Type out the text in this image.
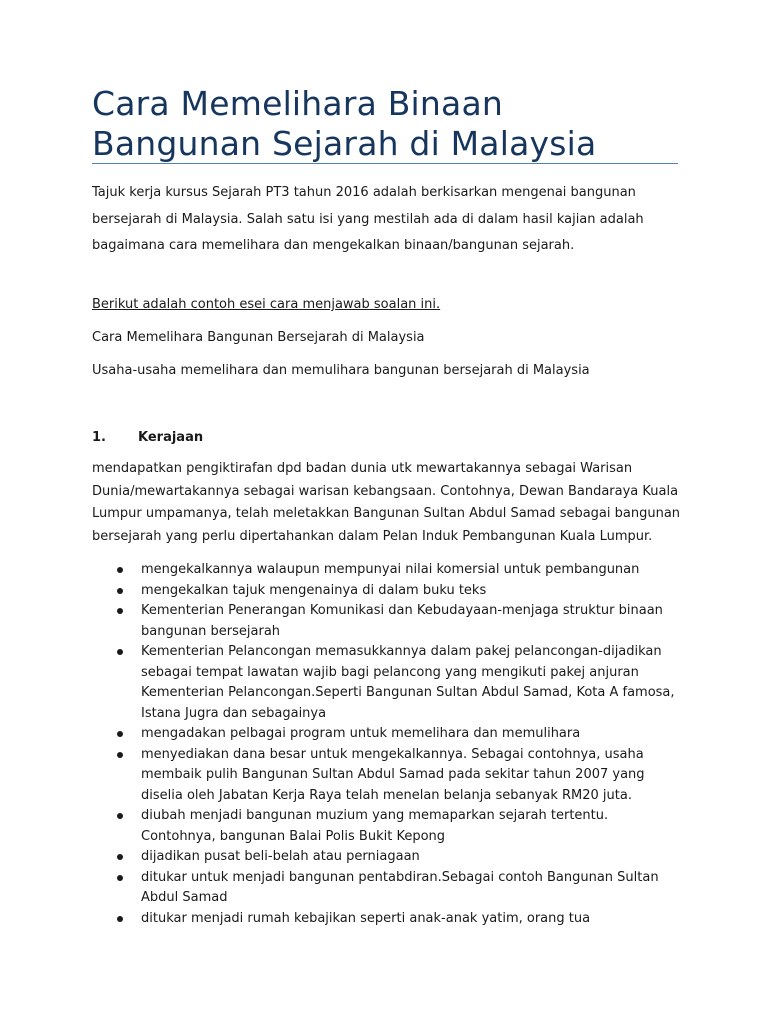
Cara Memelihara Binaan
Bangunan Sejarah di Malaysia

Tajuk kerja kursus Sejarah PT3 tahun 2016 adalah berkisarkan mengenai bangunan bersejarah di Malaysia. Salah satu isi yang mestilah ada di dalam hasil kajian adalah bagaimana cara memelihara dan mengekalkan binaan/bangunan sejarah.

Berikut adalah contoh esei cara menjawab soalan ini.

Cara Memelihara Bangunan Bersejarah di Malaysia

Usaha-usaha memelihara dan memulihara bangunan bersejarah di Malaysia

1. Kerajaan

mendapatkan pengiktirafan dpd badan dunia utk mewartakannya sebagai Warisan Dunia/mewartakannya sebagai warisan kebangsaan. Contohnya, Dewan Bandaraya Kuala Lumpur umpamanya, telah meletakkan Bangunan Sultan Abdul Samad sebagai bangunan bersejarah yang perlu dipertahankan dalam Pelan Induk Pembangunan Kuala Lumpur.

mengekalkannya walaupun mempunyai nilai komersial untuk pembangunan
mengekalkan tajuk mengenainya di dalam buku teks
Kementerian Penerangan Komunikasi dan Kebudayaan-menjaga struktur binaan bangunan bersejarah
Kementerian Pelancongan memasukkannya dalam pakej pelancongan-dijadikan sebagai tempat lawatan wajib bagi pelancong yang mengikuti pakej anjuran Kementerian Pelancongan.Seperti Bangunan Sultan Abdul Samad, Kota A famosa, Istana Jugra dan sebagainya
mengadakan pelbagai program untuk memelihara dan memulihara
menyediakan dana besar untuk mengekalkannya. Sebagai contohnya, usaha membaik pulih Bangunan Sultan Abdul Samad pada sekitar tahun 2007 yang diselia oleh Jabatan Kerja Raya telah menelan belanja sebanyak RM20 juta.
diubah menjadi bangunan muzium yang memaparkan sejarah tertentu. Contohnya, bangunan Balai Polis Bukit Kepong
dijadikan pusat beli-belah atau perniagaan
ditukar untuk menjadi bangunan pentabdiran.Sebagai contoh Bangunan Sultan Abdul Samad
ditukar menjadi rumah kebajikan seperti anak-anak yatim, orang tua
